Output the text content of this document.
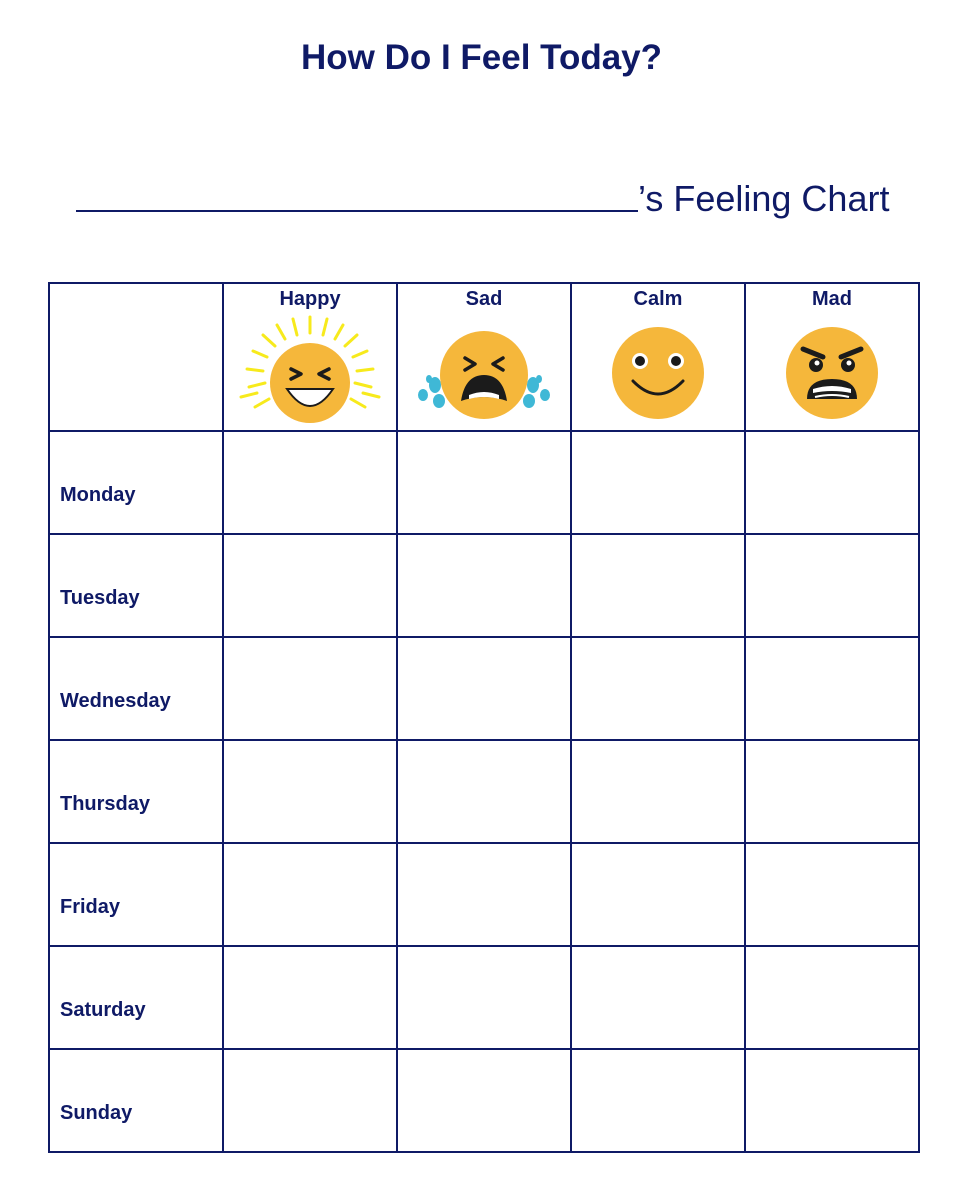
How Do I Feel Today?
’s Feeling Chart

	Happy	Sad	Calm	Mad

Monday				

Tuesday				

Wednesday				

Thursday				

Friday				

Saturday				

Sunday				
